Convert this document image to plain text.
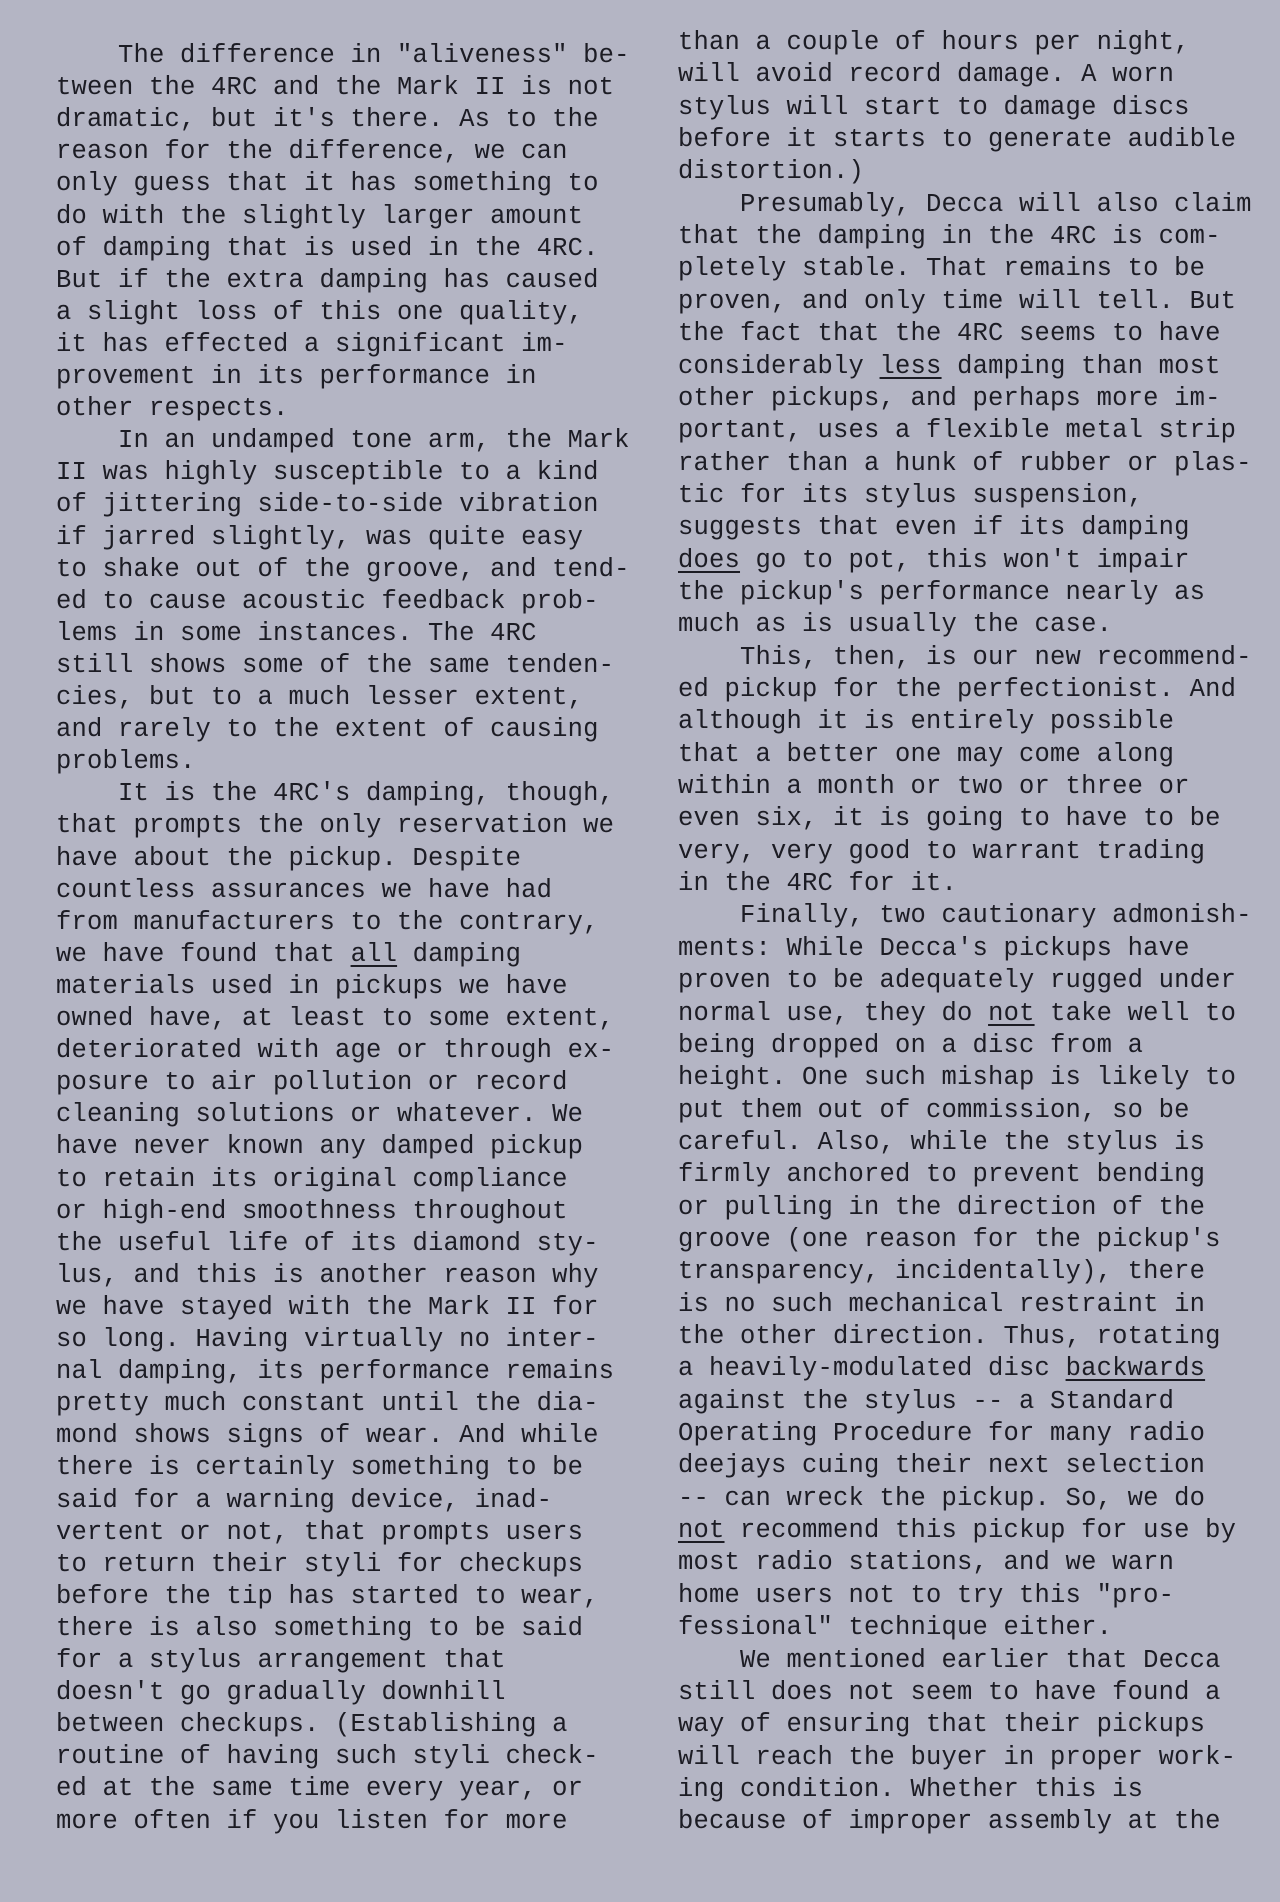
The difference in "aliveness" be-
tween the 4RC and the Mark II is not
dramatic, but it's there. As to the
reason for the difference, we can
only guess that it has something to
do with the slightly larger amount
of damping that is used in the 4RC.
But if the extra damping has caused
a slight loss of this one quality,
it has effected a significant im-
provement in its performance in
other respects.
In an undamped tone arm, the Mark
II was highly susceptible to a kind
of jittering side-to-side vibration
if jarred slightly, was quite easy
to shake out of the groove, and tend-
ed to cause acoustic feedback prob-
lems in some instances. The 4RC
still shows some of the same tenden-
cies, but to a much lesser extent,
and rarely to the extent of causing
problems.
It is the 4RC's damping, though,
that prompts the only reservation we
have about the pickup. Despite
countless assurances we have had
from manufacturers to the contrary,
we have found that all damping
materials used in pickups we have
owned have, at least to some extent,
deteriorated with age or through ex-
posure to air pollution or record
cleaning solutions or whatever. We
have never known any damped pickup
to retain its original compliance
or high-end smoothness throughout
the useful life of its diamond sty-
lus, and this is another reason why
we have stayed with the Mark II for
so long. Having virtually no inter-
nal damping, its performance remains
pretty much constant until the dia-
mond shows signs of wear. And while
there is certainly something to be
said for a warning device, inad-
vertent or not, that prompts users
to return their styli for checkups
before the tip has started to wear,
there is also something to be said
for a stylus arrangement that
doesn't go gradually downhill
between checkups. (Establishing a
routine of having such styli check-
ed at the same time every year, or
more often if you listen for more
than a couple of hours per night,
will avoid record damage. A worn
stylus will start to damage discs
before it starts to generate audible
distortion.)
Presumably, Decca will also claim
that the damping in the 4RC is com-
pletely stable. That remains to be
proven, and only time will tell. But
the fact that the 4RC seems to have
considerably less damping than most
other pickups, and perhaps more im-
portant, uses a flexible metal strip
rather than a hunk of rubber or plas-
tic for its stylus suspension,
suggests that even if its damping
does go to pot, this won't impair
the pickup's performance nearly as
much as is usually the case.
This, then, is our new recommend-
ed pickup for the perfectionist. And
although it is entirely possible
that a better one may come along
within a month or two or three or
even six, it is going to have to be
very, very good to warrant trading
in the 4RC for it.
Finally, two cautionary admonish-
ments: While Decca's pickups have
proven to be adequately rugged under
normal use, they do not take well to
being dropped on a disc from a
height. One such mishap is likely to
put them out of commission, so be
careful. Also, while the stylus is
firmly anchored to prevent bending
or pulling in the direction of the
groove (one reason for the pickup's
transparency, incidentally), there
is no such mechanical restraint in
the other direction. Thus, rotating
a heavily-modulated disc backwards
against the stylus -- a Standard
Operating Procedure for many radio
deejays cuing their next selection
-- can wreck the pickup. So, we do
not recommend this pickup for use by
most radio stations, and we warn
home users not to try this "pro-
fessional" technique either.
We mentioned earlier that Decca
still does not seem to have found a
way of ensuring that their pickups
will reach the buyer in proper work-
ing condition. Whether this is
because of improper assembly at the
